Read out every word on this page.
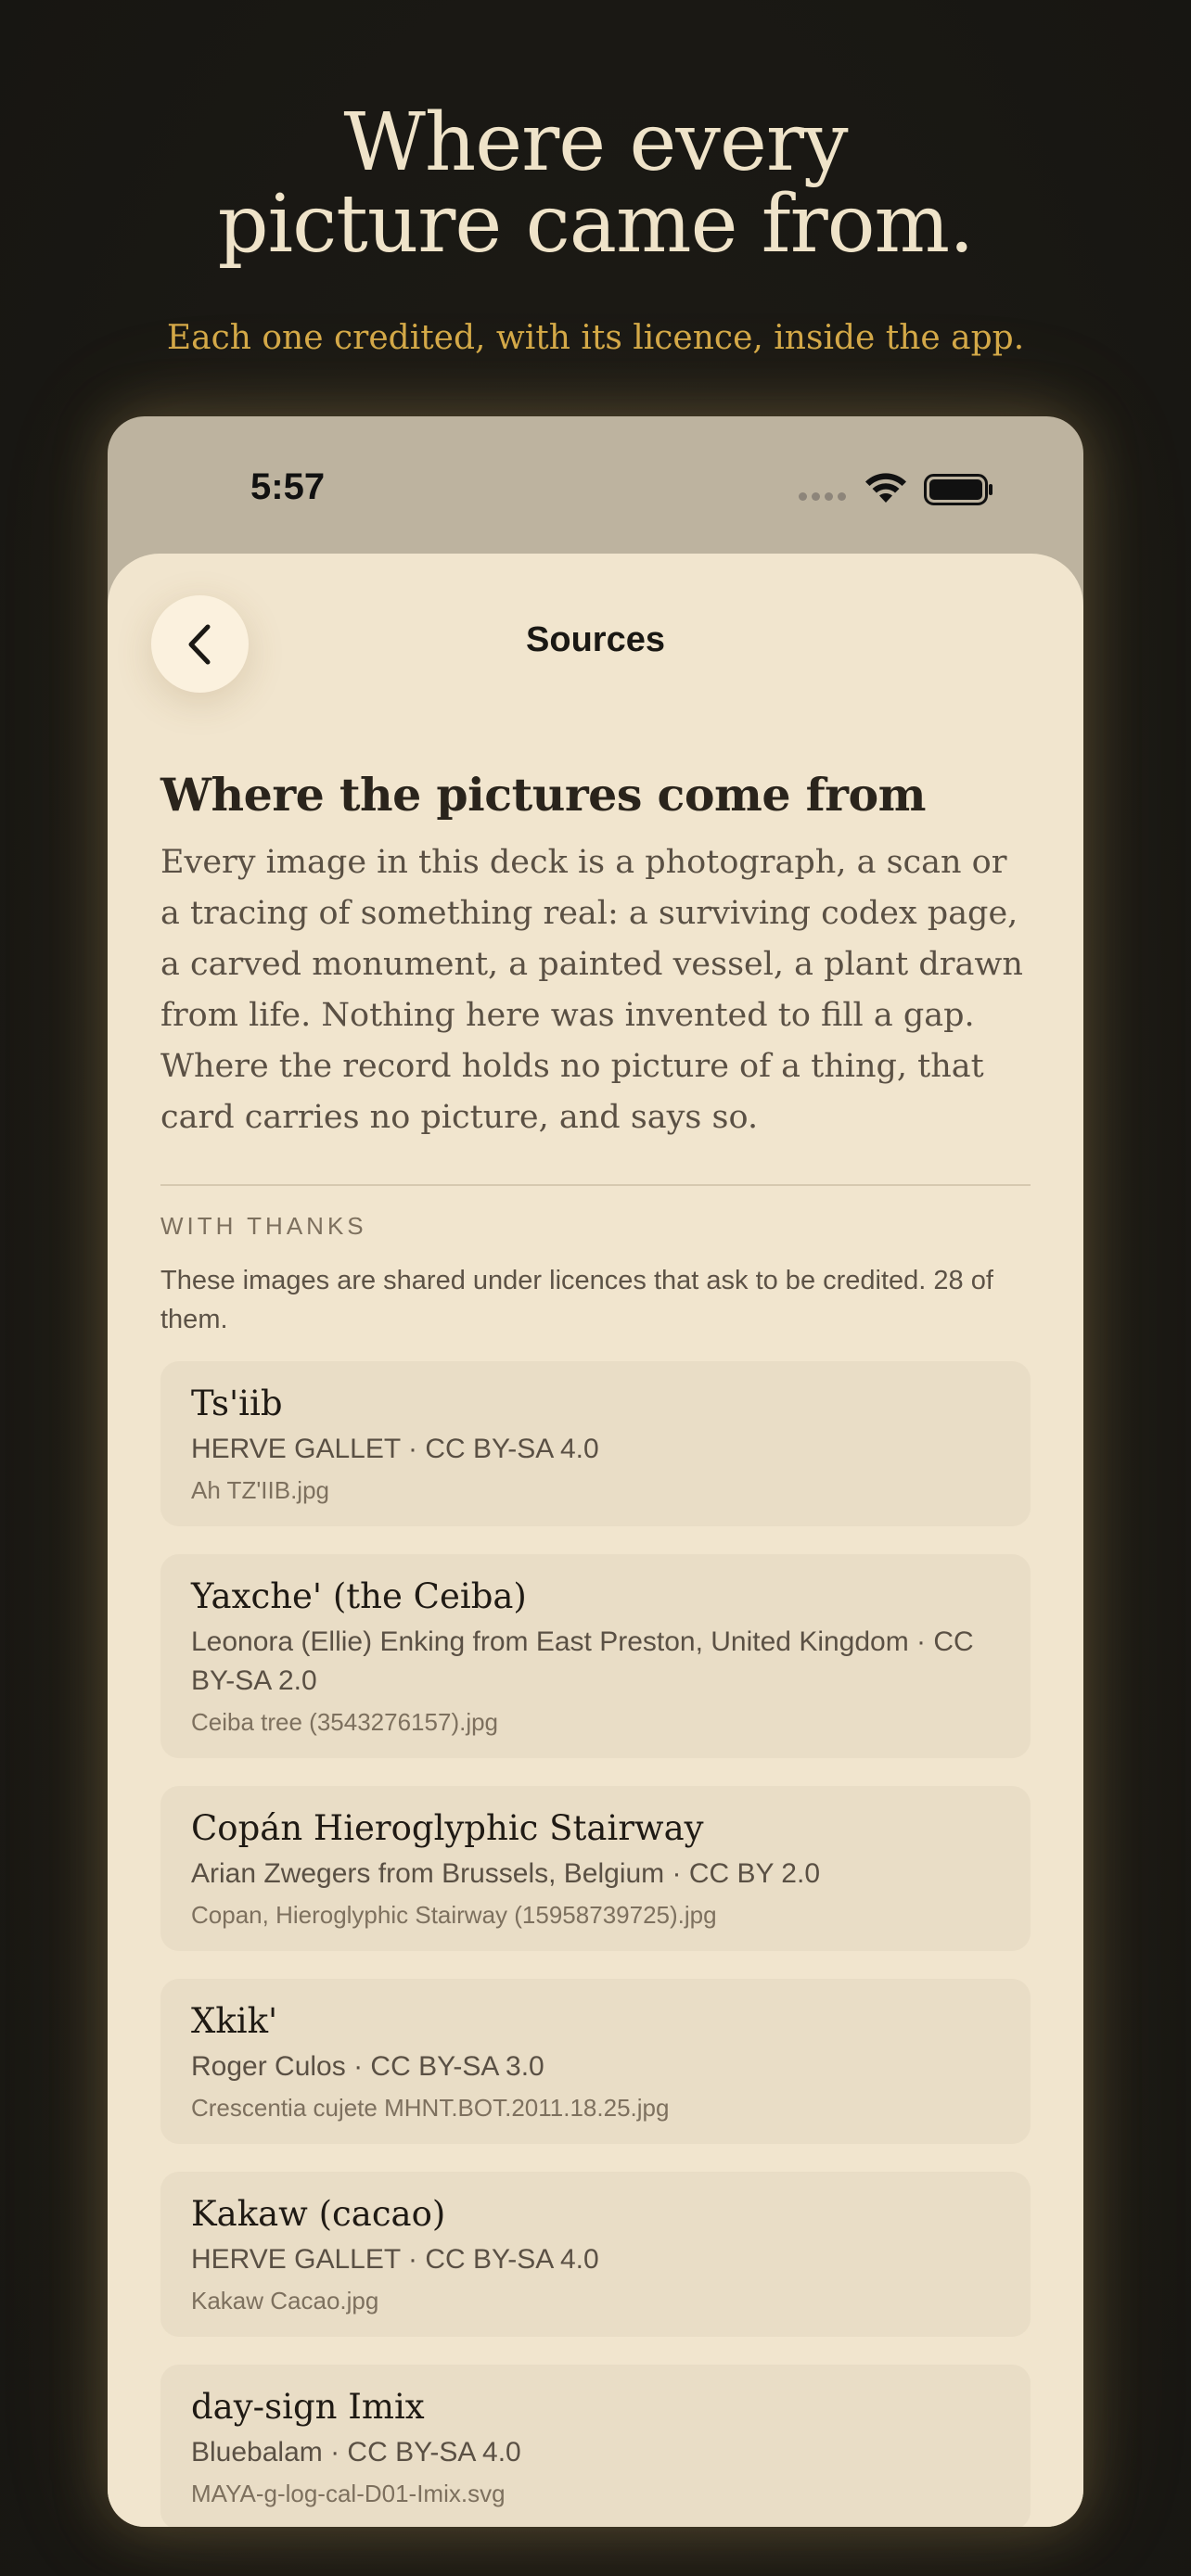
Where every
picture came from.

Each one credited, with its licence, inside the app.

5:57
Sources
Where the pictures come from

Every image in this deck is a photograph, a scan or a tracing of something real: a surviving codex page, a carved monument, a painted vessel, a plant drawn from life. Nothing here was invented to fill a gap. Where the record holds no picture of a thing, that card carries no picture, and says so.

WITH THANKS

These images are shared under licences that ask to be credited. 28 of them.

Ts'iib

HERVE GALLET · CC BY-SA 4.0

Ah TZ'IIB.jpg

Yaxche' (the Ceiba)

Leonora (Ellie) Enking from East Preston, United Kingdom · CC BY-SA 2.0

Ceiba tree (3543276157).jpg

Copán Hieroglyphic Stairway

Arian Zwegers from Brussels, Belgium · CC BY 2.0

Copan, Hieroglyphic Stairway (15958739725).jpg

Xkik'

Roger Culos · CC BY-SA 3.0

Crescentia cujete MHNT.BOT.2011.18.25.jpg

Kakaw (cacao)

HERVE GALLET · CC BY-SA 4.0

Kakaw Cacao.jpg

day-sign Imix

Bluebalam · CC BY-SA 4.0

MAYA-g-log-cal-D01-Imix.svg
